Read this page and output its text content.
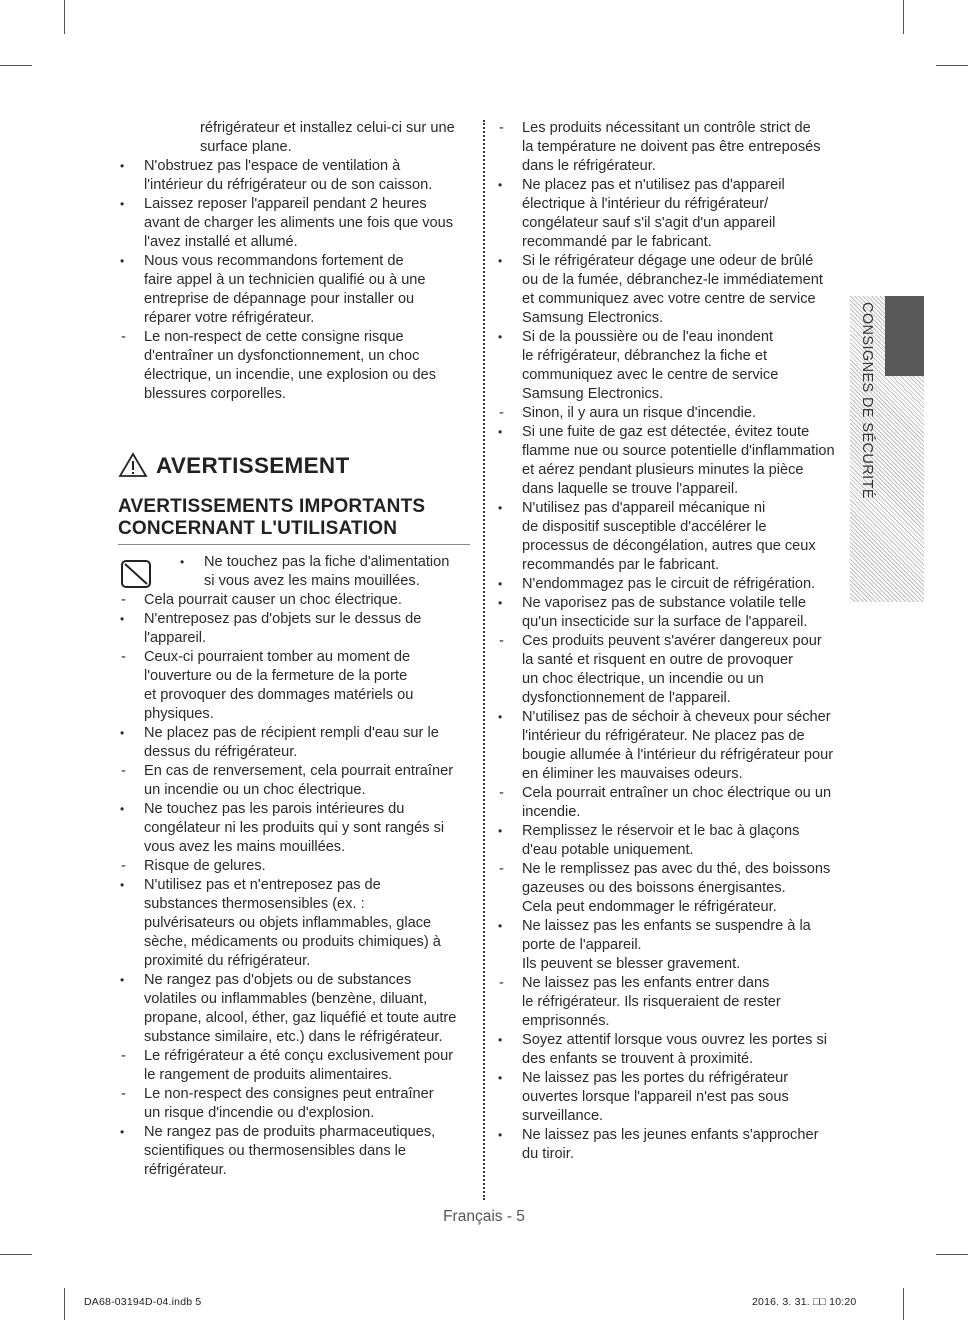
réfrigérateur et installez celui-ci sur une
surface plane.
•	N'obstruez pas l'espace de ventilation à
l'intérieur du réfrigérateur ou de son caisson.
•	Laissez reposer l'appareil pendant 2 heures
avant de charger les aliments une fois que vous
l'avez installé et allumé.
•	Nous vous recommandons fortement de
faire appel à un technicien qualifié ou à une
entreprise de dépannage pour installer ou
réparer votre réfrigérateur.
-	Le non-respect de cette consigne risque
d'entraîner un dysfonctionnement, un choc
électrique, un incendie, une explosion ou des
blessures corporelles.
AVERTISSEMENT
AVERTISSEMENTS IMPORTANTS
CONCERNANT L'UTILISATION
•	Ne touchez pas la fiche d'alimentation
si vous avez les mains mouillées.
-	Cela pourrait causer un choc électrique.
•	N'entreposez pas d'objets sur le dessus de
l'appareil.
-	Ceux-ci pourraient tomber au moment de
l'ouverture ou de la fermeture de la porte
et provoquer des dommages matériels ou
physiques.
•	Ne placez pas de récipient rempli d'eau sur le
dessus du réfrigérateur.
-	En cas de renversement, cela pourrait entraîner
un incendie ou un choc électrique.
•	Ne touchez pas les parois intérieures du
congélateur ni les produits qui y sont rangés si
vous avez les mains mouillées.
-	Risque de gelures.
•	N'utilisez pas et n'entreposez pas de
substances thermosensibles (ex. :
pulvérisateurs ou objets inflammables, glace
sèche, médicaments ou produits chimiques) à
proximité du réfrigérateur.
•	Ne rangez pas d'objets ou de substances
volatiles ou inflammables (benzène, diluant,
propane, alcool, éther, gaz liquéfié et toute autre
substance similaire, etc.) dans le réfrigérateur.
-	Le réfrigérateur a été conçu exclusivement pour
le rangement de produits alimentaires.
-	Le non-respect des consignes peut entraîner
un risque d'incendie ou d'explosion.
•	Ne rangez pas de produits pharmaceutiques,
scientifiques ou thermosensibles dans le
réfrigérateur.
-	Les produits nécessitant un contrôle strict de
la température ne doivent pas être entreposés
dans le réfrigérateur.
•	Ne placez pas et n'utilisez pas d'appareil
électrique à l'intérieur du réfrigérateur/
congélateur sauf s'il s'agit d'un appareil
recommandé par le fabricant.
•	Si le réfrigérateur dégage une odeur de brûlé
ou de la fumée, débranchez-le immédiatement
et communiquez avec votre centre de service
Samsung Electronics.
•	Si de la poussière ou de l'eau inondent
le réfrigérateur, débranchez la fiche et
communiquez avec le centre de service
Samsung Electronics.
-	Sinon, il y aura un risque d'incendie.
•	Si une fuite de gaz est détectée, évitez toute
flamme nue ou source potentielle d'inflammation
et aérez pendant plusieurs minutes la pièce
dans laquelle se trouve l'appareil.
•	N'utilisez pas d'appareil mécanique ni
de dispositif susceptible d'accélérer le
processus de décongélation, autres que ceux
recommandés par le fabricant.
•	N'endommagez pas le circuit de réfrigération.
•	Ne vaporisez pas de substance volatile telle
qu'un insecticide sur la surface de l'appareil.
-	Ces produits peuvent s'avérer dangereux pour
la santé et risquent en outre de provoquer
un choc électrique, un incendie ou un
dysfonctionnement de l'appareil.
•	N'utilisez pas de séchoir à cheveux pour sécher
l'intérieur du réfrigérateur. Ne placez pas de
bougie allumée à l'intérieur du réfrigérateur pour
en éliminer les mauvaises odeurs.
-	Cela pourrait entraîner un choc électrique ou un
incendie.
•	Remplissez le réservoir et le bac à glaçons
d'eau potable uniquement.
-	Ne le remplissez pas avec du thé, des boissons
gazeuses ou des boissons énergisantes.
Cela peut endommager le réfrigérateur.
•	Ne laissez pas les enfants se suspendre à la
porte de l'appareil.
Ils peuvent se blesser gravement.
-	Ne laissez pas les enfants entrer dans
le réfrigérateur. Ils risqueraient de rester
emprisonnés.
•	Soyez attentif lorsque vous ouvrez les portes si
des enfants se trouvent à proximité.
•	Ne laissez pas les portes du réfrigérateur
ouvertes lorsque l'appareil n'est pas sous
surveillance.
•	Ne laissez pas les jeunes enfants s'approcher
du tiroir.
CONSIGNES DE SÉCURITÉ
Français - 5
DA68-03194D-04.indb 5	2016. 3. 31. □□ 10:20
